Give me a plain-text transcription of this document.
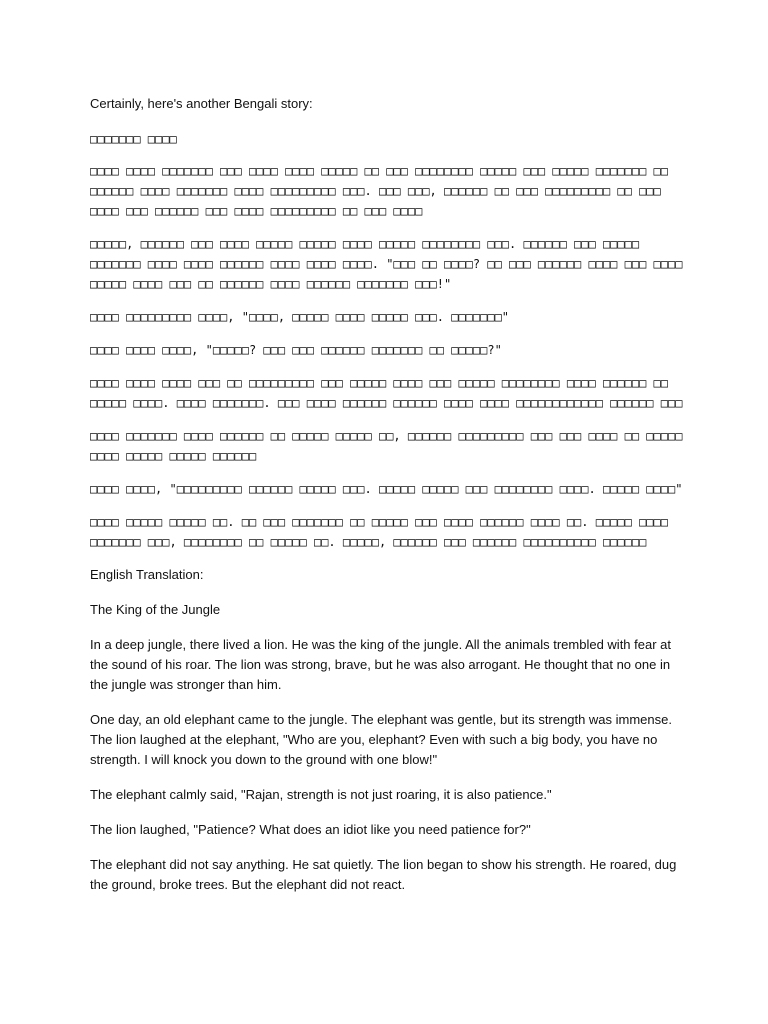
Certainly, here's another Bengali story:

□□□□□□□ □□□□

□□□□ □□□□ □□□□□□□ □□□ □□□□ □□□□ □□□□□ □□ □□□ □□□□□□□□ □□□□□ □□□ □□□□□ □□□□□□□ □□ □□□□□□ □□□□ □□□□□□□ □□□□ □□□□□□□□□ □□□. □□□ □□□, □□□□□□ □□ □□□ □□□□□□□□□ □□ □□□ □□□□ □□□ □□□□□□ □□□ □□□□ □□□□□□□□□ □□ □□□ □□□□

□□□□□, □□□□□□ □□□ □□□□ □□□□□ □□□□□ □□□□ □□□□□ □□□□□□□□ □□□. □□□□□□ □□□ □□□□□ □□□□□□□ □□□□ □□□□ □□□□□□ □□□□ □□□□ □□□□. "□□□ □□ □□□□? □□ □□□ □□□□□□ □□□□ □□□ □□□□ □□□□□ □□□□ □□□ □□ □□□□□□ □□□□ □□□□□□ □□□□□□□ □□□!"

□□□□ □□□□□□□□□ □□□□, "□□□□, □□□□□ □□□□ □□□□□ □□□. □□□□□□□"

□□□□ □□□□ □□□□, "□□□□□? □□□ □□□ □□□□□□ □□□□□□□ □□ □□□□□?"

□□□□ □□□□ □□□□ □□□ □□ □□□□□□□□□ □□□ □□□□□ □□□□ □□□ □□□□□ □□□□□□□□ □□□□ □□□□□□ □□ □□□□□ □□□□. □□□□ □□□□□□□. □□□ □□□□ □□□□□□ □□□□□□ □□□□ □□□□ □□□□□□□□□□□□ □□□□□□ □□□

□□□□ □□□□□□□ □□□□ □□□□□□ □□ □□□□□ □□□□□ □□, □□□□□□ □□□□□□□□□ □□□ □□□ □□□□ □□ □□□□□ □□□□ □□□□□ □□□□□ □□□□□□

□□□□ □□□□, "□□□□□□□□□ □□□□□□ □□□□□ □□□. □□□□□ □□□□□ □□□ □□□□□□□□ □□□□. □□□□□ □□□□"

□□□□ □□□□□ □□□□□ □□. □□ □□□ □□□□□□□ □□ □□□□□ □□□ □□□□ □□□□□□ □□□□ □□. □□□□□ □□□□ □□□□□□□ □□□, □□□□□□□□ □□ □□□□□ □□. □□□□□, □□□□□□ □□□ □□□□□□ □□□□□□□□□□ □□□□□□

English Translation:

The King of the Jungle

In a deep jungle, there lived a lion. He was the king of the jungle. All the animals trembled with fear at the sound of his roar. The lion was strong, brave, but he was also arrogant. He thought that no one in the jungle was stronger than him.

One day, an old elephant came to the jungle. The elephant was gentle, but its strength was immense. The lion laughed at the elephant, "Who are you, elephant? Even with such a big body, you have no strength. I will knock you down to the ground with one blow!"

The elephant calmly said, "Rajan, strength is not just roaring, it is also patience."

The lion laughed, "Patience? What does an idiot like you need patience for?"

The elephant did not say anything. He sat quietly. The lion began to show his strength. He roared, dug the ground, broke trees. But the elephant did not react.
